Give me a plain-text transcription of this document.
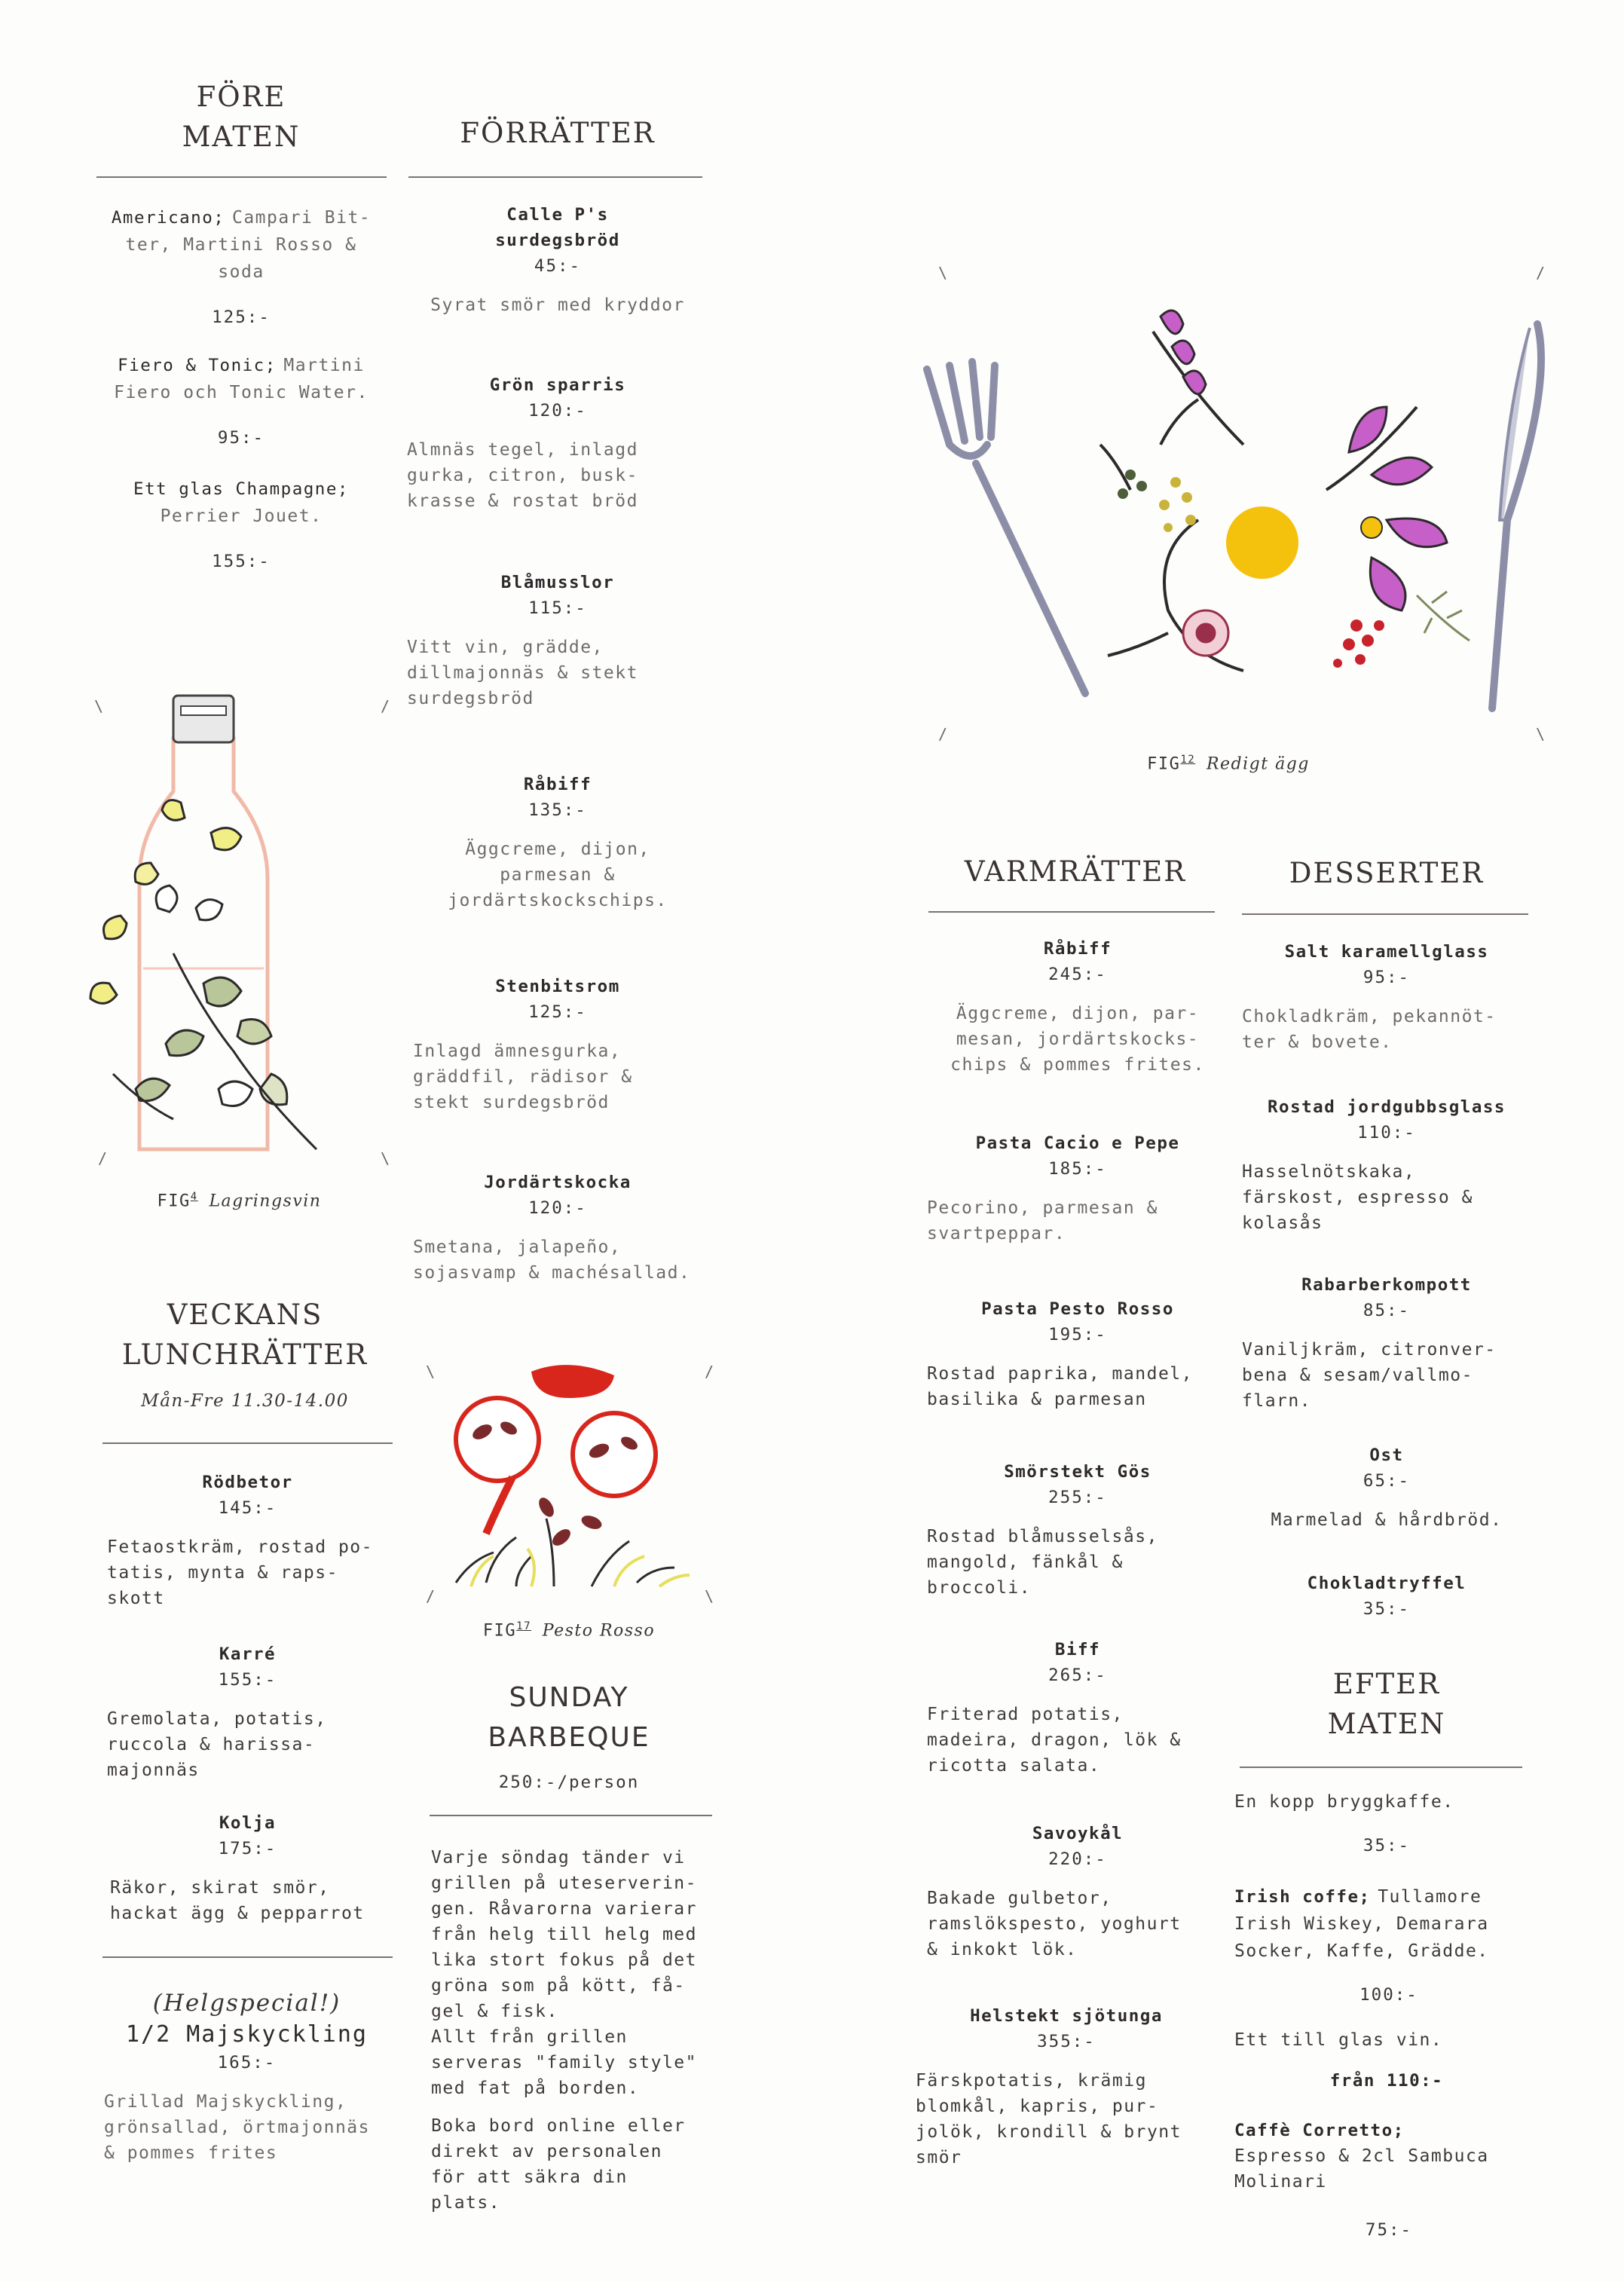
FÖRE
MATEN
Americano; Campari Bit-
ter, Martini Rosso &
soda
125:-
Fiero & Tonic; Martini
Fiero och Tonic Water.
95:-
Ett glas Champagne;
Perrier Jouet.
155:-
FÖRRÄTTER
Calle P's
surdegsbröd
45:-
Syrat smör med kryddor
Grön sparris
120:-
Almnäs tegel, inlagd
gurka, citron, busk-
krasse & rostat bröd
Blåmusslor
115:-
Vitt vin, grädde,
dillmajonnäs & stekt
surdegsbröd
Råbiff
135:-
Äggcreme, dijon,
parmesan &
jordärtskockschips.
Stenbitsrom
125:-
Inlagd ämnesgurka,
gräddfil, rädisor &
stekt surdegsbröd
Jordärtskocka
120:-
Smetana, jalapeño,
sojasvamp & machésallad.
\	/
/	\
FIG$^4$ Lagringsvin
VECKANS
LUNCHRÄTTER
Mån-Fre 11.30-14.00
Rödbetor
145:-
Fetaostkräm, rostad po-
tatis, mynta & raps-
skott
Karré
155:-
Gremolata, potatis,
ruccola & harissa-
majonnäs
Kolja
175:-
Räkor, skirat smör,
hackat ägg & pepparrot
(Helgspecial!)
1/2 Majskyckling
165:-
Grillad Majskyckling,
grönsallad, örtmajonnäs
& pommes frites
\	/
/	\
FIG$^{17}$ Pesto Rosso
SUNDAY
BARBEQUE
250:-/person
Varje söndag tänder vi
grillen på uteserverin-
gen. Råvarorna varierar
från helg till helg med
lika stort fokus på det
gröna som på kött, få-
gel & fisk.
Allt från grillen
serveras "family style"
med fat på borden.
Boka bord online eller
direkt av personalen
för att säkra din
plats.
\	/
/	\
FIG$^{12}$ Redigt ägg
VARMRÄTTER
Råbiff
245:-
Äggcreme, dijon, par-
mesan, jordärtskocks-
chips & pommes frites.
Pasta Cacio e Pepe
185:-
Pecorino, parmesan &
svartpeppar.
Pasta Pesto Rosso
195:-
Rostad paprika, mandel,
basilika & parmesan
Smörstekt Gös
255:-
Rostad blåmusselsås,
mangold, fänkål &
broccoli.
Biff
265:-
Friterad potatis,
madeira, dragon, lök &
ricotta salata.
Savoykål
220:-
Bakade gulbetor,
ramslökspesto, yoghurt
& inkokt lök.
Helstekt sjötunga
355:-
Färskpotatis, krämig
blomkål, kapris, pur-
jolök, krondill & brynt
smör
DESSERTER
Salt karamellglass
95:-
Chokladkräm, pekannöt-
ter & bovete.
Rostad jordgubbsglass
110:-
Hasselnötskaka,
färskost, espresso &
kolasås
Rabarberkompott
85:-
Vaniljkräm, citronver-
bena & sesam/vallmo-
flarn.
Ost
65:-
Marmelad & hårdbröd.
Chokladtryffel
35:-
EFTER
MATEN
En kopp bryggkaffe.
35:-
Irish coffe; Tullamore
Irish Wiskey, Demarara
Socker, Kaffe, Grädde.
100:-
Ett till glas vin.
från 110:-
Caffè Corretto;
Espresso & 2cl Sambuca
Molinari
75:-
